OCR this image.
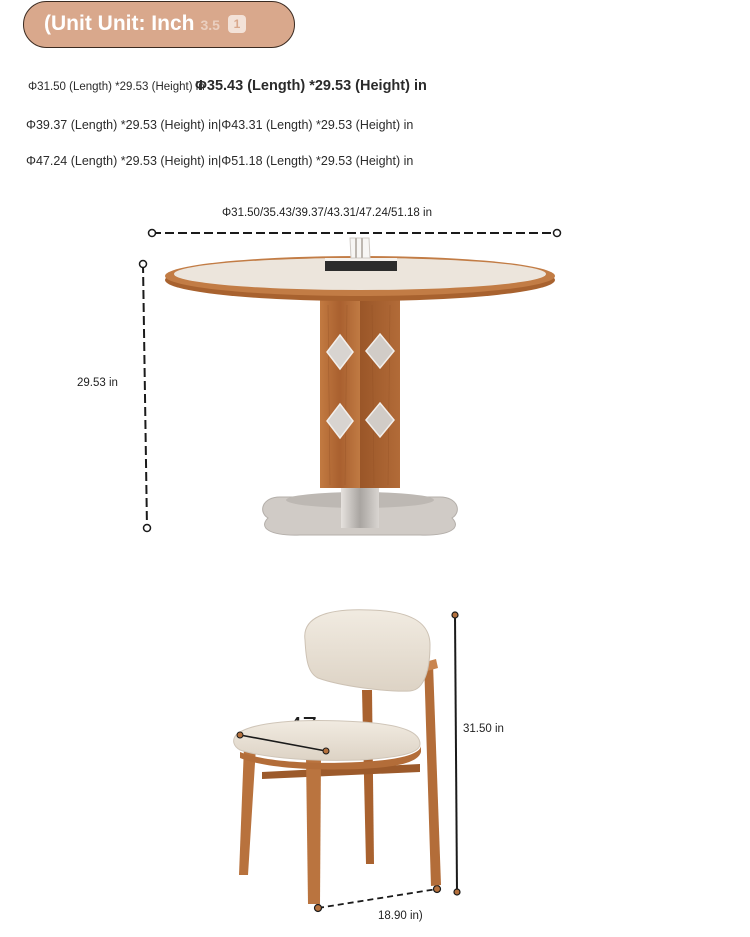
(Unit Unit: Inch 3.5 1
Φ31.50 (Length) *29.53 (Height) in
Φ35.43 (Length) *29.53 (Height) in
Φ39.37 (Length) *29.53 (Height) in|Φ43.31 (Length) *29.53 (Height) in
Φ47.24 (Length) *29.53 (Height) in|Φ51.18 (Length) *29.53 (Height) in
Φ31.50/35.43/39.37/43.31/47.24/51.18 in
29.53 in
31.50 in
18.90 in)
